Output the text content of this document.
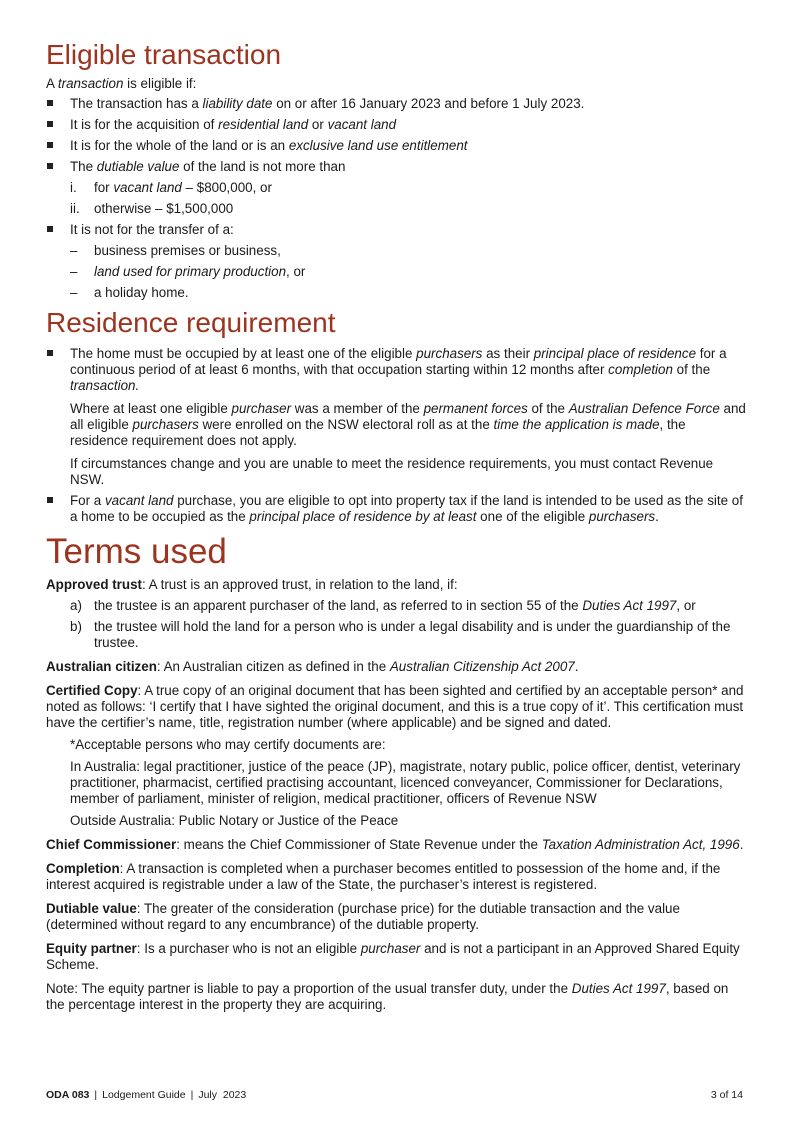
Eligible transaction

A transaction is eligible if:

The transaction has a liability date on or after 16 January 2023 and before 1 July 2023.
It is for the acquisition of residential land or vacant land
It is for the whole of the land or is an exclusive land use entitlement
The dutiable value of the land is not more than
i. for vacant land – $800,000, or
ii. otherwise – $1,500,000
It is not for the transfer of a:
– business premises or business,
– land used for primary production, or
– a holiday home.
Residence requirement

The home must be occupied by at least one of the eligible purchasers as their principal place of residence for a continuous period of at least 6 months, with that occupation starting within 12 months after completion of the transaction.

Where at least one eligible purchaser was a member of the permanent forces of the Australian Defence Force and all eligible purchasers were enrolled on the NSW electoral roll as at the time the application is made, the residence requirement does not apply.

If circumstances change and you are unable to meet the residence requirements, you must contact Revenue NSW.

For a vacant land purchase, you are eligible to opt into property tax if the land is intended to be used as the site of a home to be occupied as the principal place of residence by at least one of the eligible purchasers.
Terms used

Approved trust: A trust is an approved trust, in relation to the land, if:

a) the trustee is an apparent purchaser of the land, as referred to in section 55 of the Duties Act 1997, or
b) the trustee will hold the land for a person who is under a legal disability and is under the guardianship of the trustee.

Australian citizen: An Australian citizen as defined in the Australian Citizenship Act 2007.

Certified Copy: A true copy of an original document that has been sighted and certified by an acceptable person* and noted as follows: ‘I certify that I have sighted the original document, and this is a true copy of it’. This certification must have the certifier’s name, title, registration number (where applicable) and be signed and dated.

*Acceptable persons who may certify documents are:

In Australia: legal practitioner, justice of the peace (JP), magistrate, notary public, police officer, dentist, veterinary practitioner, pharmacist, certified practising accountant, licenced conveyancer, Commissioner for Declarations, member of parliament, minister of religion, medical practitioner, officers of Revenue NSW

Outside Australia: Public Notary or Justice of the Peace

Chief Commissioner: means the Chief Commissioner of State Revenue under the Taxation Administration Act, 1996.

Completion: A transaction is completed when a purchaser becomes entitled to possession of the home and, if the interest acquired is registrable under a law of the State, the purchaser’s interest is registered.

Dutiable value: The greater of the consideration (purchase price) for the dutiable transaction and the value (determined without regard to any encumbrance) of the dutiable property.

Equity partner: Is a purchaser who is not an eligible purchaser and is not a participant in an Approved Shared Equity Scheme.

Note: The equity partner is liable to pay a proportion of the usual transfer duty, under the Duties Act 1997, based on the percentage interest in the property they are acquiring.

ODA 083 | Lodgement Guide | July  2023	3 of 14
